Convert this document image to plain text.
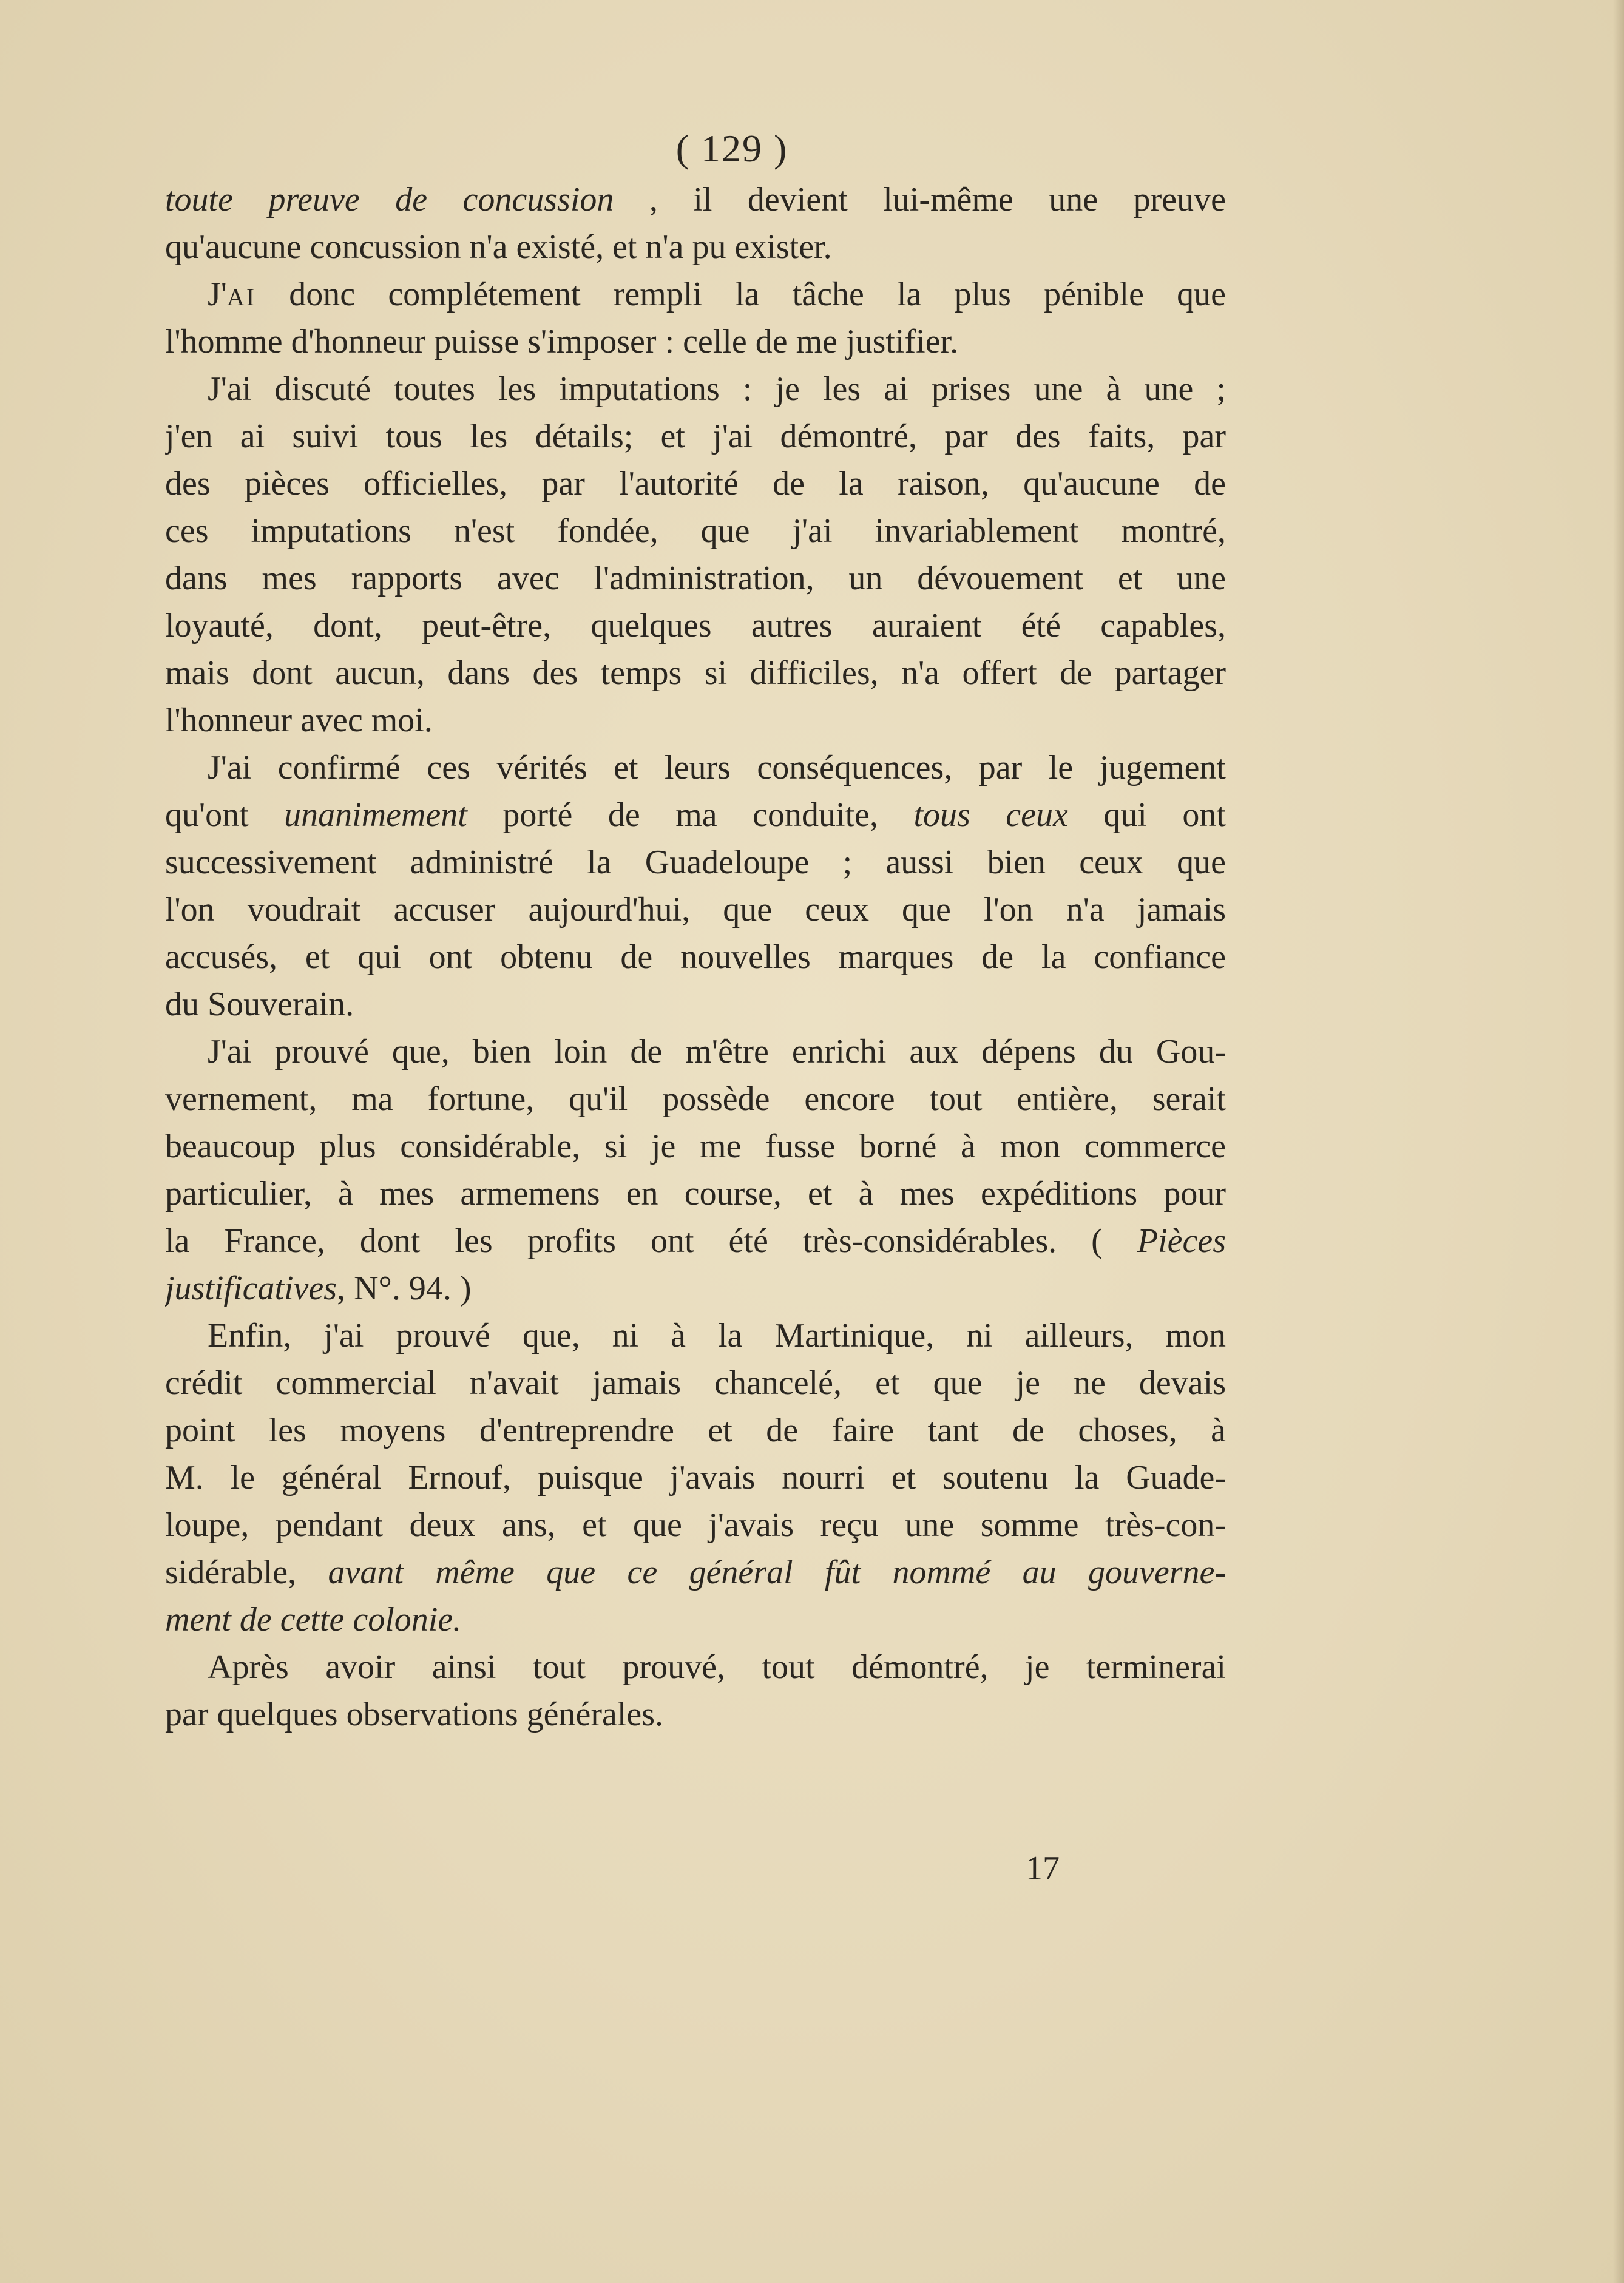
( 129 )
toute preuve de concussion , il devient lui-même une preuve
qu'aucune concussion n'a existé, et n'a pu exister.
J'AI donc complétement rempli la tâche la plus pénible que
l'homme d'honneur puisse s'imposer : celle de me justifier.
J'ai discuté toutes les imputations : je les ai prises une à une ;
j'en ai suivi tous les détails; et j'ai démontré, par des faits, par
des pièces officielles, par l'autorité de la raison, qu'aucune de
ces imputations n'est fondée, que j'ai invariablement montré,
dans mes rapports avec l'administration, un dévouement et une
loyauté, dont, peut-être, quelques autres auraient été capables,
mais dont aucun, dans des temps si difficiles, n'a offert de partager
l'honneur avec moi.
J'ai confirmé ces vérités et leurs conséquences, par le jugement
qu'ont unanimement porté de ma conduite, tous ceux qui ont
successivement administré la Guadeloupe ; aussi bien ceux que
l'on voudrait accuser aujourd'hui, que ceux que l'on n'a jamais
accusés, et qui ont obtenu de nouvelles marques de la confiance
du Souverain.
J'ai prouvé que, bien loin de m'être enrichi aux dépens du Gou-
vernement, ma fortune, qu'il possède encore tout entière, serait
beaucoup plus considérable, si je me fusse borné à mon commerce
particulier, à mes armemens en course, et à mes expéditions pour
la France, dont les profits ont été très-considérables. ( Pièces
justificatives, N°. 94. )
Enfin, j'ai prouvé que, ni à la Martinique, ni ailleurs, mon
crédit commercial n'avait jamais chancelé, et que je ne devais
point les moyens d'entreprendre et de faire tant de choses, à
M. le général Ernouf, puisque j'avais nourri et soutenu la Guade-
loupe, pendant deux ans, et que j'avais reçu une somme très-con-
sidérable, avant même que ce général fût nommé au gouverne-
ment de cette colonie.
Après avoir ainsi tout prouvé, tout démontré, je terminerai
par quelques observations générales.
17
